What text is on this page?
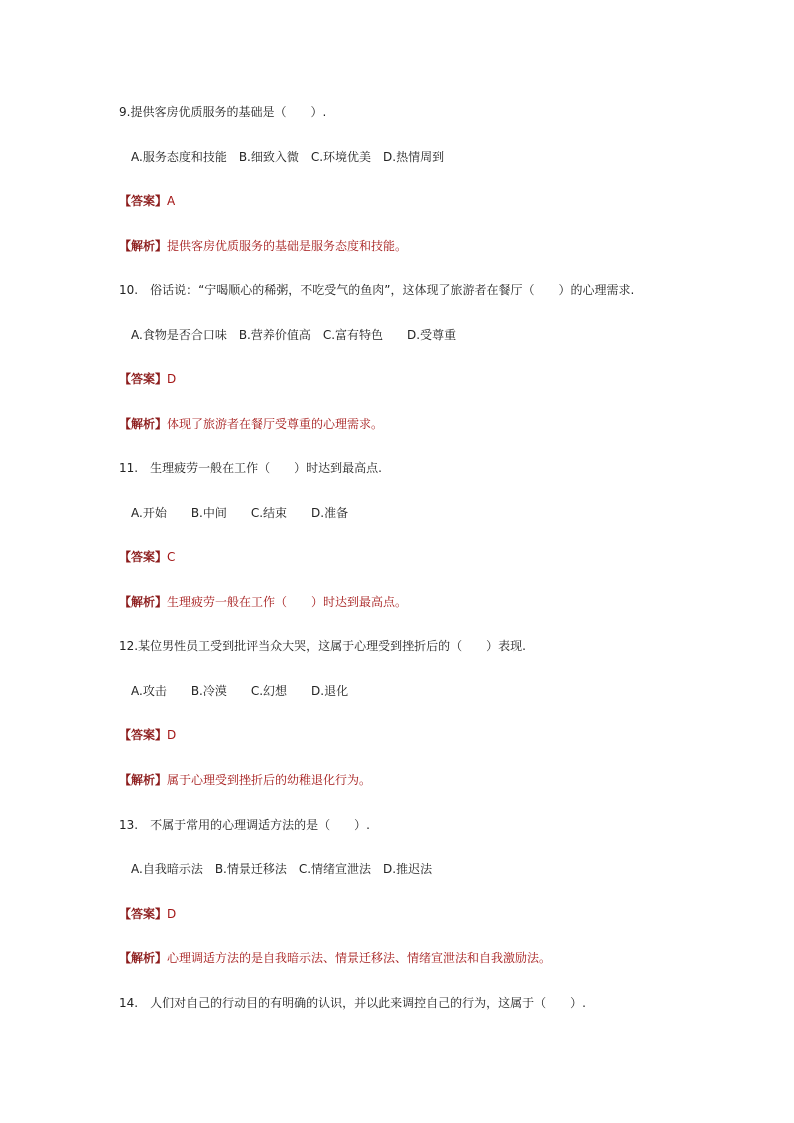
9.提供客房优质服务的基础是（　　）.
A.服务态度和技能　B.细致入微　C.环境优美　D.热情周到
【答案】A
【解析】提供客房优质服务的基础是服务态度和技能。
10.　俗话说：“宁喝顺心的稀粥，不吃受气的鱼肉”，这体现了旅游者在餐厅（　　）的心理需求.
A.食物是否合口味　B.营养价值高　C.富有特色　　D.受尊重
【答案】D
【解析】体现了旅游者在餐厅受尊重的心理需求。
11.　生理疲劳一般在工作（　　）时达到最高点.
A.开始　　B.中间　　C.结束　　D.准备
【答案】C
【解析】生理疲劳一般在工作（　　）时达到最高点。
12.某位男性员工受到批评当众大哭，这属于心理受到挫折后的（　　）表现.
A.攻击　　B.冷漠　　C.幻想　　D.退化
【答案】D
【解析】属于心理受到挫折后的幼稚退化行为。
13.　不属于常用的心理调适方法的是（　　）.
A.自我暗示法　B.情景迁移法　C.情绪宣泄法　D.推迟法
【答案】D
【解析】心理调适方法的是自我暗示法、情景迁移法、情绪宣泄法和自我激励法。
14.　人们对自己的行动目的有明确的认识，并以此来调控自己的行为，这属于（　　）.
